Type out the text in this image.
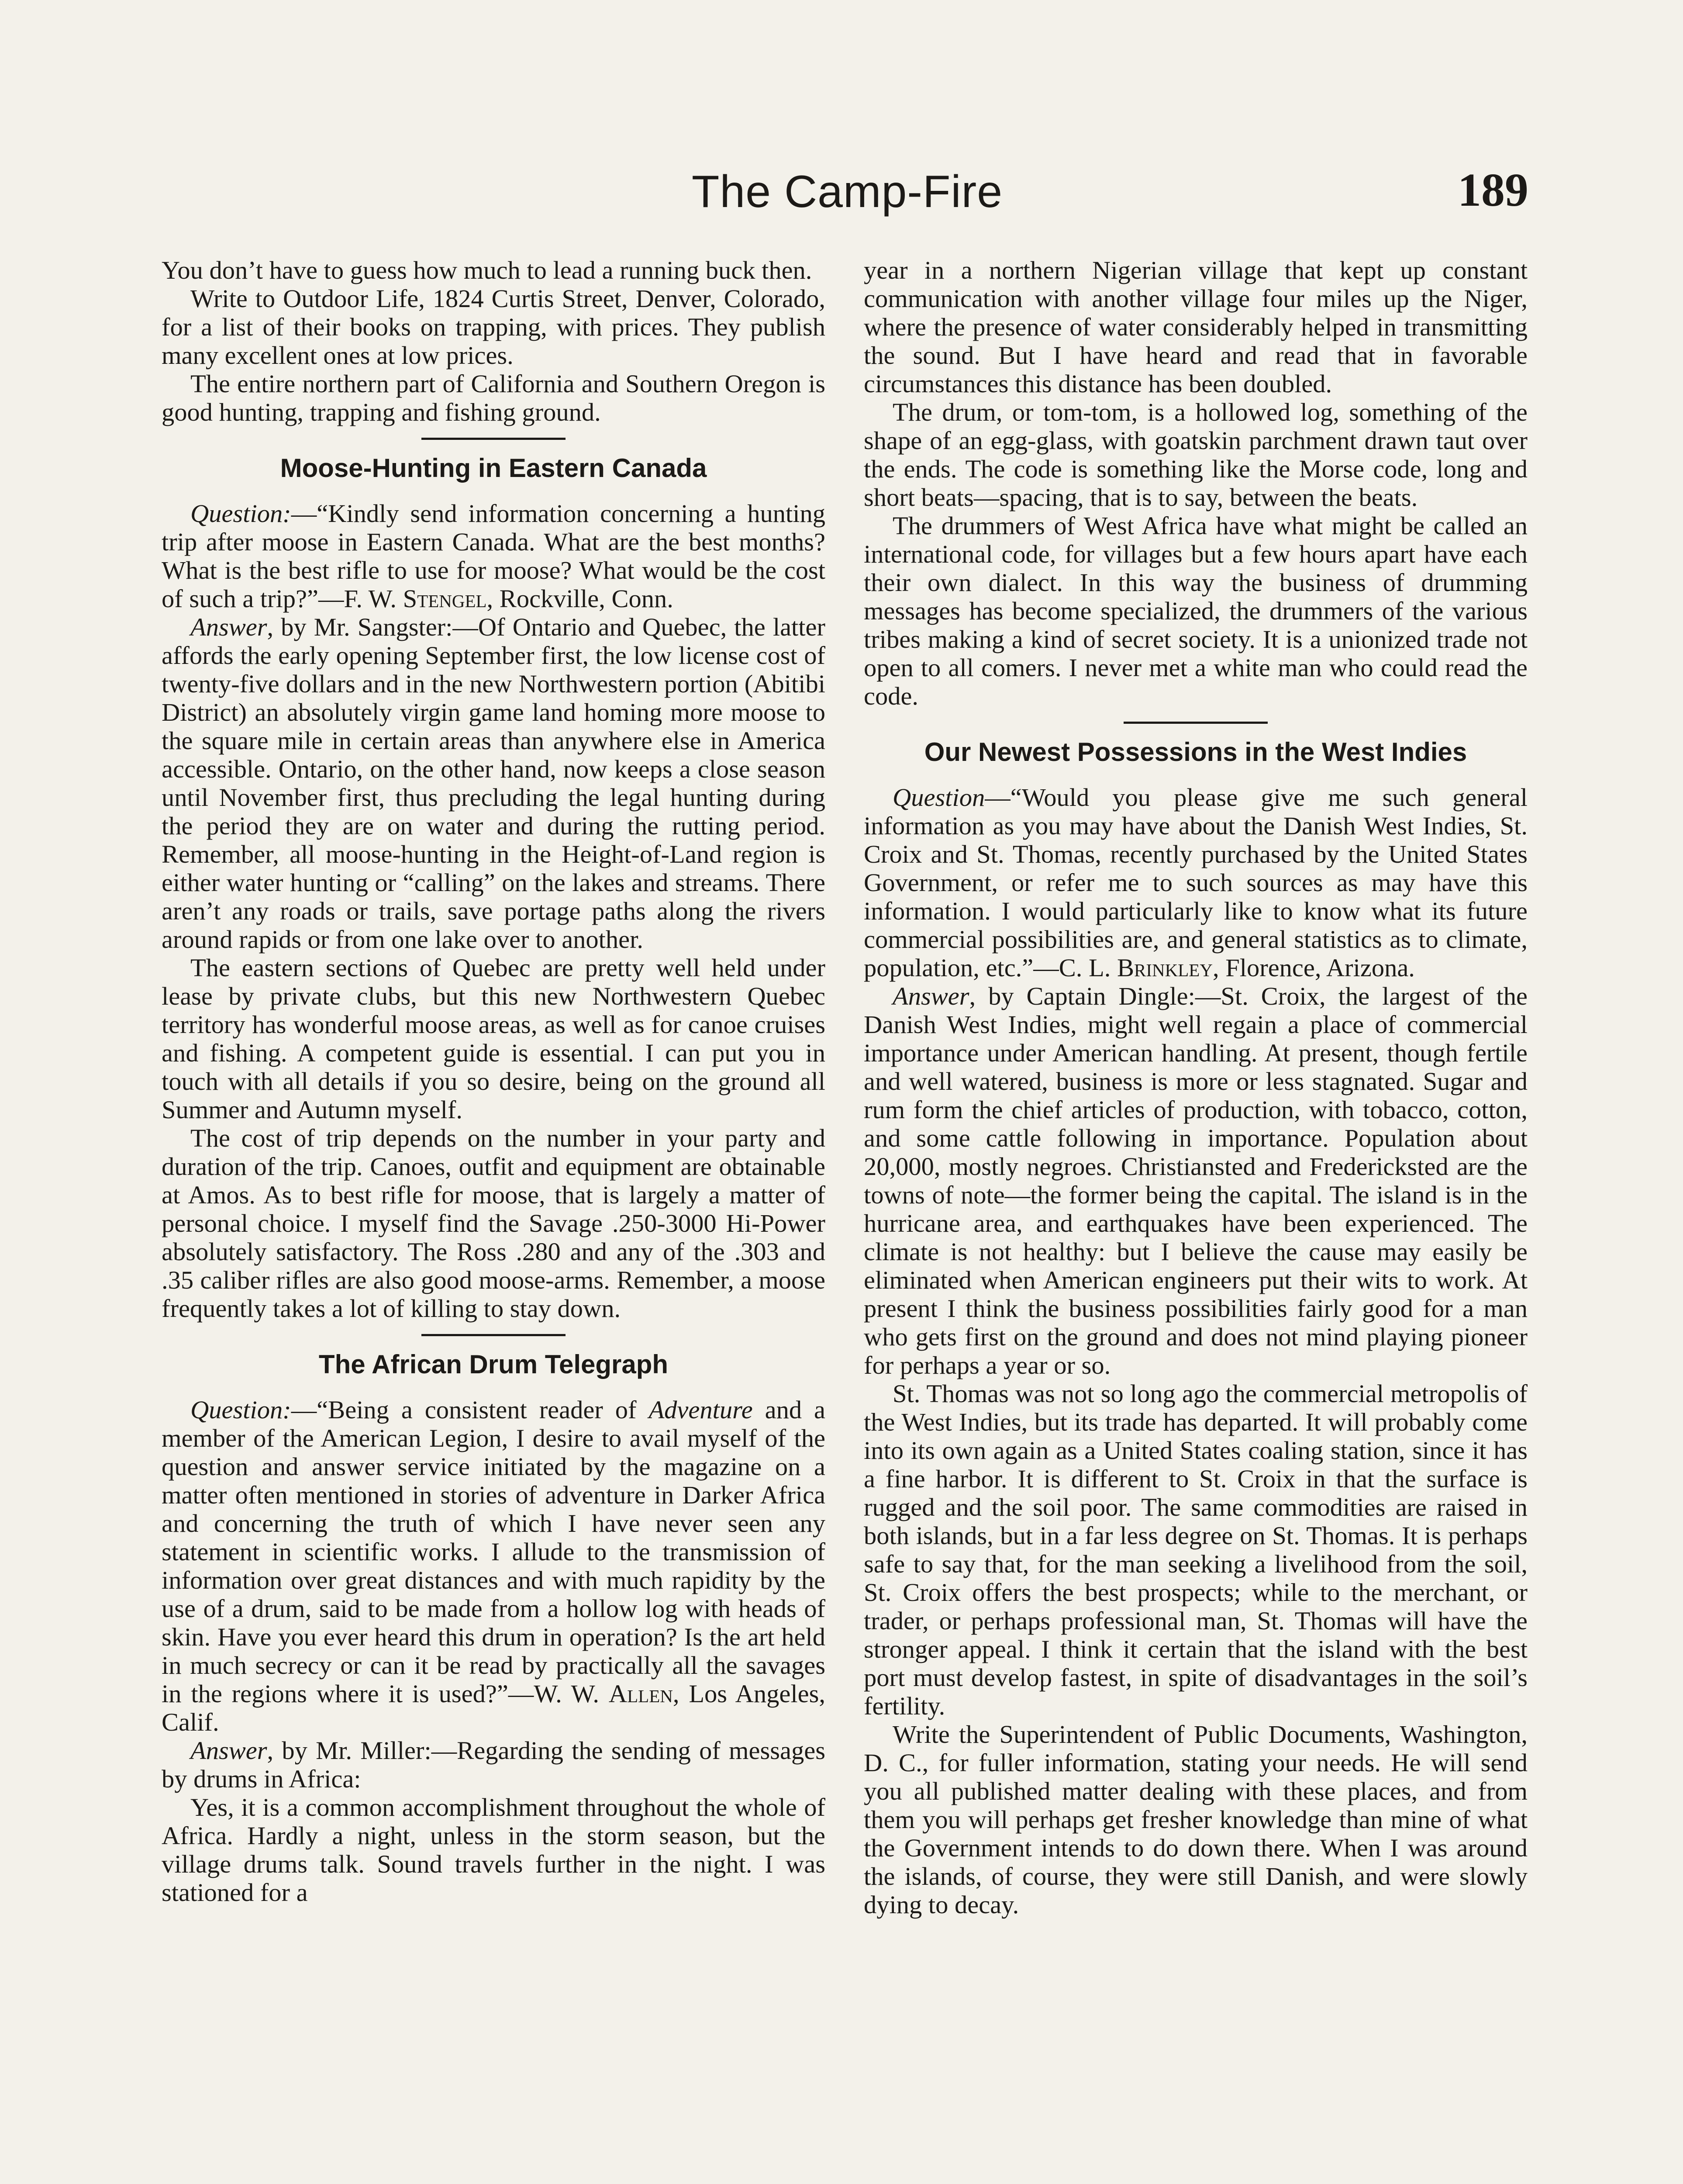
The Camp-Fire	189

You don’t have to guess how much to lead a running buck then.

Write to Outdoor Life, 1824 Curtis Street, Denver, Colorado, for a list of their books on trapping, with prices. They publish many excellent ones at low prices.

The entire northern part of California and Southern Oregon is good hunting, trapping and fishing ground.

Moose-Hunting in Eastern Canada

Question:—“Kindly send information concerning a hunting trip after moose in Eastern Canada. What are the best months? What is the best rifle to use for moose? What would be the cost of such a trip?”—F. W. Stengel, Rockville, Conn.

Answer, by Mr. Sangster:—Of Ontario and Quebec, the latter affords the early opening September first, the low license cost of twenty-five dollars and in the new Northwestern portion (Abitibi District) an absolutely virgin game land homing more moose to the square mile in certain areas than anywhere else in America accessible. Ontario, on the other hand, now keeps a close season until November first, thus precluding the legal hunting during the period they are on water and during the rutting period. Remember, all moose-hunting in the Height-of-Land region is either water hunting or “calling” on the lakes and streams. There aren’t any roads or trails, save portage paths along the rivers around rapids or from one lake over to another.

The eastern sections of Quebec are pretty well held under lease by private clubs, but this new Northwestern Quebec territory has wonderful moose areas, as well as for canoe cruises and fishing. A competent guide is essential. I can put you in touch with all details if you so desire, being on the ground all Summer and Autumn myself.

The cost of trip depends on the number in your party and duration of the trip. Canoes, outfit and equipment are obtainable at Amos. As to best rifle for moose, that is largely a matter of personal choice. I myself find the Savage .250-3000 Hi-Power absolutely satisfactory. The Ross .280 and any of the .303 and .35 caliber rifles are also good moose-arms. Remember, a moose frequently takes a lot of killing to stay down.

The African Drum Telegraph

Question:—“Being a consistent reader of Adventure and a member of the American Legion, I desire to avail myself of the question and answer service initiated by the magazine on a matter often mentioned in stories of adventure in Darker Africa and concerning the truth of which I have never seen any statement in scientific works. I allude to the transmission of information over great distances and with much rapidity by the use of a drum, said to be made from a hollow log with heads of skin. Have you ever heard this drum in operation? Is the art held in much secrecy or can it be read by practically all the savages in the regions where it is used?”—W. W. Allen, Los Angeles, Calif.

Answer, by Mr. Miller:—Regarding the sending of messages by drums in Africa:

Yes, it is a common accomplishment throughout the whole of Africa. Hardly a night, unless in the storm season, but the village drums talk. Sound travels further in the night. I was stationed for a

year in a northern Nigerian village that kept up constant communication with another village four miles up the Niger, where the presence of water considerably helped in transmitting the sound. But I have heard and read that in favorable circumstances this distance has been doubled.

The drum, or tom-tom, is a hollowed log, something of the shape of an egg-glass, with goatskin parchment drawn taut over the ends. The code is something like the Morse code, long and short beats—spacing, that is to say, between the beats.

The drummers of West Africa have what might be called an international code, for villages but a few hours apart have each their own dialect. In this way the business of drumming messages has become specialized, the drummers of the various tribes making a kind of secret society. It is a unionized trade not open to all comers. I never met a white man who could read the code.

Our Newest Possessions in the West Indies

Question—“Would you please give me such general information as you may have about the Danish West Indies, St. Croix and St. Thomas, recently purchased by the United States Government, or refer me to such sources as may have this information. I would particularly like to know what its future commercial possibilities are, and general statistics as to climate, population, etc.”—C. L. Brinkley, Florence, Arizona.

Answer, by Captain Dingle:—St. Croix, the largest of the Danish West Indies, might well regain a place of commercial importance under American handling. At present, though fertile and well watered, business is more or less stagnated. Sugar and rum form the chief articles of production, with tobacco, cotton, and some cattle following in importance. Population about 20,000, mostly negroes. Christiansted and Fredericksted are the towns of note—the former being the capital. The island is in the hurricane area, and earthquakes have been experienced. The climate is not healthy: but I believe the cause may easily be eliminated when American engineers put their wits to work. At present I think the business possibilities fairly good for a man who gets first on the ground and does not mind playing pioneer for perhaps a year or so.

St. Thomas was not so long ago the commercial metropolis of the West Indies, but its trade has departed. It will probably come into its own again as a United States coaling station, since it has a fine harbor. It is different to St. Croix in that the surface is rugged and the soil poor. The same commodities are raised in both islands, but in a far less degree on St. Thomas. It is perhaps safe to say that, for the man seeking a livelihood from the soil, St. Croix offers the best prospects; while to the merchant, or trader, or perhaps professional man, St. Thomas will have the stronger appeal. I think it certain that the island with the best port must develop fastest, in spite of disadvantages in the soil’s fertility.

Write the Superintendent of Public Documents, Washington, D. C., for fuller information, stating your needs. He will send you all published matter dealing with these places, and from them you will perhaps get fresher knowledge than mine of what the Government intends to do down there. When I was around the islands, of course, they were still Danish, and were slowly dying to decay.
